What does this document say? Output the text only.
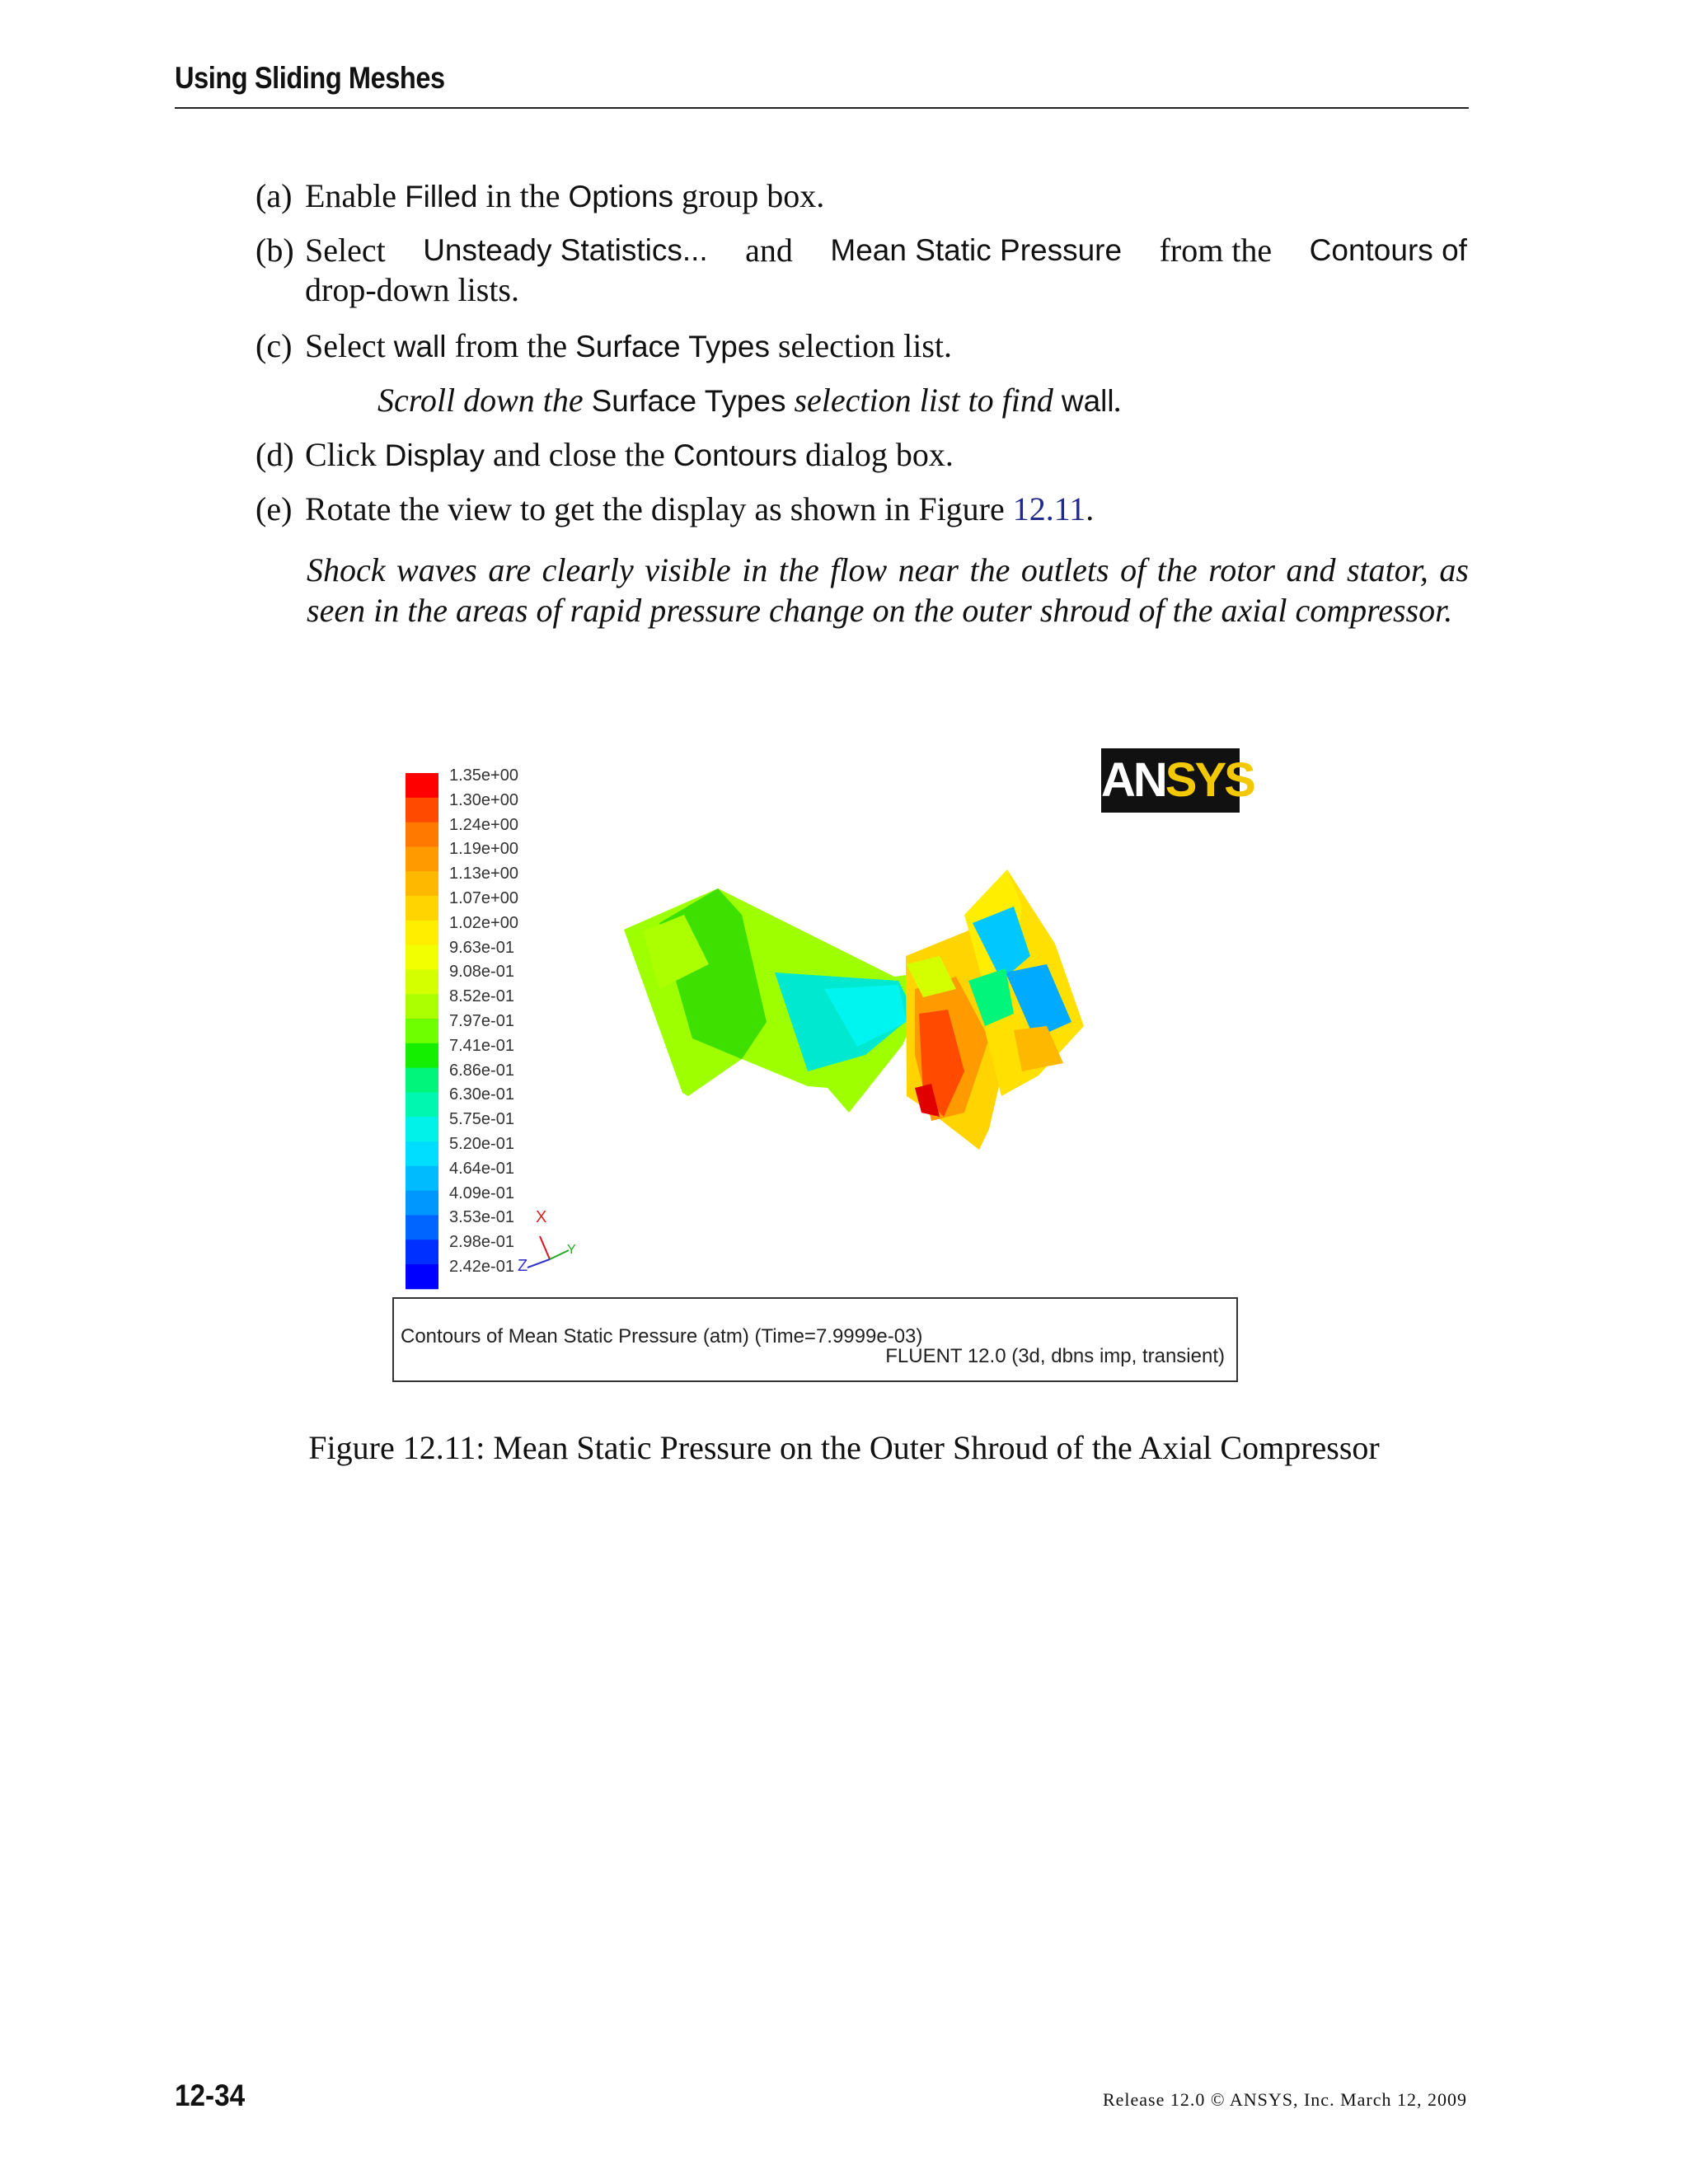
Using Sliding Meshes
(a) Enable Filled in the Options group box.
(b) Select Unsteady Statistics... and Mean Static Pressure from the Contours of
drop-down lists.
(c) Select wall from the Surface Types selection list.
Scroll down the Surface Types selection list to find wall.
(d) Click Display and close the Contours dialog box.
(e) Rotate the view to get the display as shown in Figure 12.11.
Shock waves are clearly visible in the flow near the outlets of the rotor and stator, as seen in the areas of rapid pressure change on the outer shroud of the axial compressor.
1.35e+00
1.30e+00
1.24e+00
1.19e+00
1.13e+00
1.07e+00
1.02e+00
9.63e-01
9.08e-01
8.52e-01
7.97e-01
7.41e-01
6.86e-01
6.30e-01
5.75e-01
5.20e-01
4.64e-01
4.09e-01
3.53e-01
2.98e-01
2.42e-01
X
Y
Z
ANSYS
Contours of Mean Static Pressure (atm) (Time=7.9999e-03)
FLUENT 12.0 (3d, dbns imp, transient)
Figure 12.11: Mean Static Pressure on the Outer Shroud of the Axial Compressor
12-34	Release 12.0 © ANSYS, Inc. March 12, 2009
